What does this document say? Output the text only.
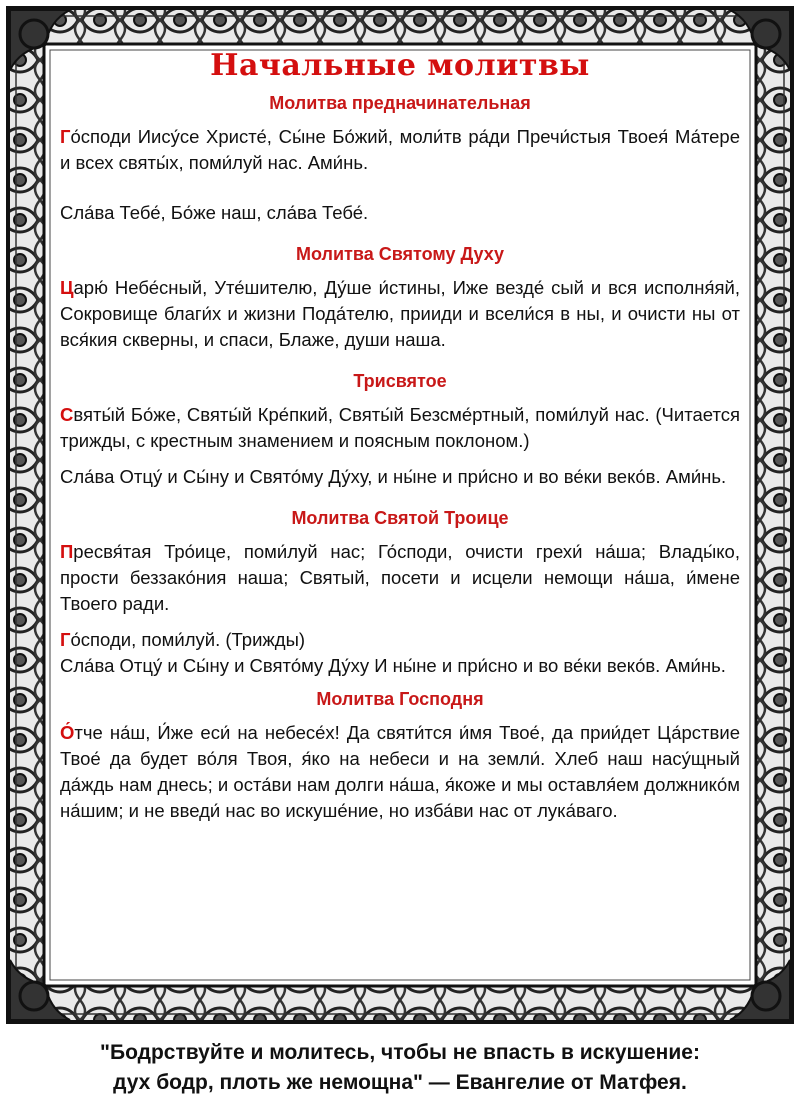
Начальные молитвы
Молитва предначинательная

Го́споди Иису́се Христе́, Сы́не Бо́жий, моли́тв ра́ди Пречи́стыя Твоея́ Ма́тере и всех святы́х, поми́луй нас. Ами́нь.

Сла́ва Тебе́, Бо́же наш, сла́ва Тебе́.

Молитва Святому Духу

Царю́ Небе́сный, Уте́шителю, Ду́ше и́стины, Иже везде́ сый и вся исполня́яй, Сокровище благи́х и жизни Пода́телю, прииди и всели́ся в ны, и очисти ны от вся́кия скверны, и спаси, Блаже, души наша.

Трисвятое

Святы́й Бо́же, Святы́й Кре́пкий, Святы́й Безсме́ртный, поми́луй нас. (Читается трижды, с крестным знамением и поясным поклоном.)

Сла́ва Отцу́ и Сы́ну и Свято́му Ду́ху, и ны́не и при́сно и во ве́ки веко́в. Ами́нь.

Молитва Святой Троице

Пресвя́тая Тро́ице, поми́луй нас; Го́споди, очисти грехи́ на́ша; Влады́ко, прости беззако́ния наша; Святый, посети и исцели немощи на́ша, и́мене Твоего ради.

Го́споди, поми́луй. (Трижды)

Сла́ва Отцу́ и Сы́ну и Свято́му Ду́ху И ны́не и при́сно и во ве́ки веко́в. Ами́нь.

Молитва Господня

О́тче на́ш, И́же еси́ на небесе́х! Да святи́тся и́мя Твое́, да прии́дет Ца́рствие Твое́ да будет во́ля Твоя, я́ко на небеси и на земли́. Хлеб наш насу́щный да́ждь нам днесь; и оста́ви нам долги на́ша, я́коже и мы оставля́ем должнико́м на́шим; и не введи́ нас во искуше́ние, но изба́ви нас от лука́ваго.

"Бодрствуйте и молитесь, чтобы не впасть в искушение:
дух бодр, плоть же немощна" — Евангелие от Матфея.
